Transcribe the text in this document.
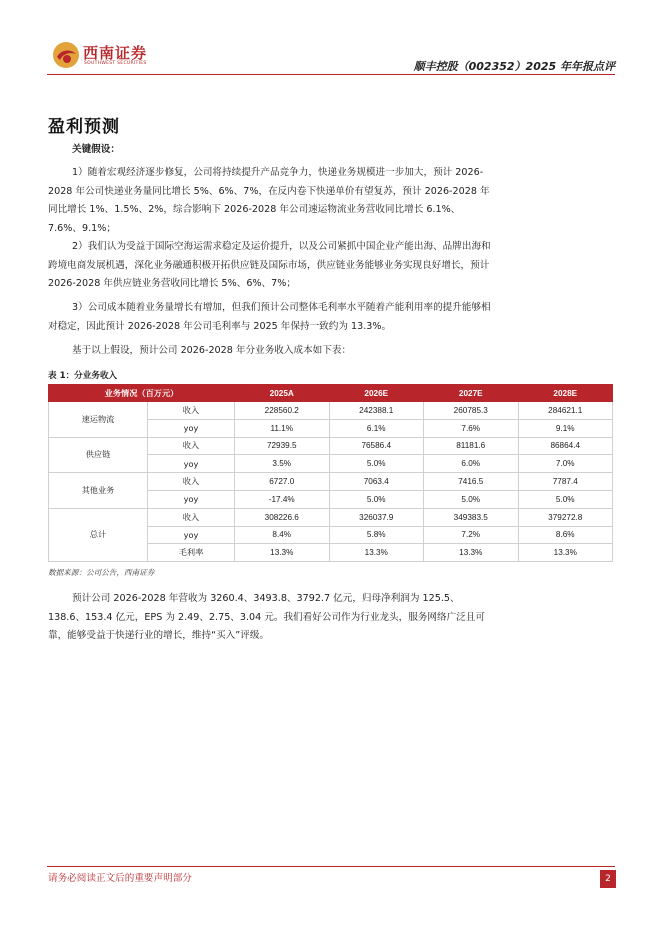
西南证券
SOUTHWEST SECURITIES	顺丰控股（002352）2025 年年报点评
盈利预测
关键假设：
1）随着宏观经济逐步修复，公司将持续提升产品竞争力，快递业务规模进一步加大，预计 2026-2028 年公司快递业务量同比增长 5%、6%、7%，在反内卷下快递单价有望复苏，预计 2026-2028 年同比增长 1%、1.5%、2%，综合影响下 2026-2028 年公司速运物流业务营收同比增长 6.1%、7.6%、9.1%；
2）我们认为受益于国际空海运需求稳定及运价提升，以及公司紧抓中国企业产能出海、品牌出海和跨境电商发展机遇，深化业务融通积极开拓供应链及国际市场，供应链业务能够业务实现良好增长，预计 2026-2028 年供应链业务营收同比增长 5%、6%、7%；
3）公司成本随着业务量增长有增加，但我们预计公司整体毛利率水平随着产能利用率的提升能够相对稳定，因此预计 2026-2028 年公司毛利率与 2025 年保持一致约为 13.3%。
基于以上假设，预计公司 2026-2028 年分业务收入成本如下表：
表 1：分业务收入
业务情况（百万元）		2025A	2026E	2027E	2028E
速运物流	收入	228560.2	242388.1	260785.3	284621.1
	yoy	11.1%	6.1%	7.6%	9.1%
供应链	收入	72939.5	76586.4	81181.6	86864.4
	yoy	3.5%	5.0%	6.0%	7.0%
其他业务	收入	6727.0	7063.4	7416.5	7787.4
	yoy	-17.4%	5.0%	5.0%	5.0%
总计	收入	308226.6	326037.9	349383.5	379272.8
	yoy	8.4%	5.8%	7.2%	8.6%
	毛利率	13.3%	13.3%	13.3%	13.3%
数据来源：公司公告，西南证券
预计公司 2026-2028 年营收为 3260.4、3493.8、3792.7 亿元，归母净利润为 125.5、138.6、153.4 亿元，EPS 为 2.49、2.75、3.04 元。我们看好公司作为行业龙头，服务网络广泛且可靠，能够受益于快递行业的增长，维持“买入”评级。
请务必阅读正文后的重要声明部分	2
